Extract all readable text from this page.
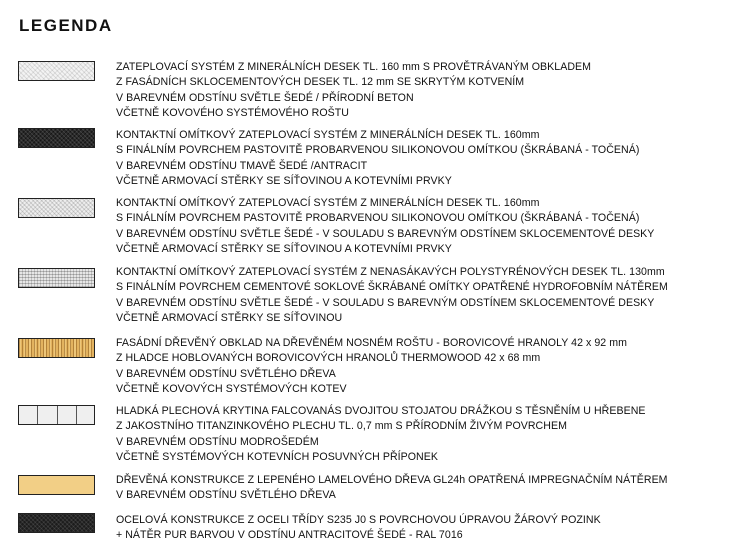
LEGENDA
ZATEPLOVACÍ SYSTÉM Z MINERÁLNÍCH DESEK TL. 160 mm S PROVĚTRÁVANÝM OBKLADEM
Z FASÁDNÍCH SKLOCEMENTOVÝCH DESEK TL. 12 mm SE SKRYTÝM KOTVENÍM
V BAREVNÉM ODSTÍNU SVĚTLE ŠEDÉ / PŘÍRODNÍ BETON
VČETNĚ KOVOVÉHO SYSTÉMOVÉHO ROŠTU
KONTAKTNÍ OMÍTKOVÝ ZATEPLOVACÍ SYSTÉM Z MINERÁLNÍCH DESEK TL. 160mm
S FINÁLNÍM POVRCHEM PASTOVITĚ PROBARVENOU SILIKONOVOU OMÍTKOU (ŠKRÁBANÁ - TOČENÁ)
V BAREVNÉM ODSTÍNU TMAVĚ ŠEDÉ /ANTRACIT
VČETNĚ ARMOVACÍ STĚRKY SE SÍŤOVINOU A KOTEVNÍMI PRVKY
KONTAKTNÍ OMÍTKOVÝ ZATEPLOVACÍ SYSTÉM Z MINERÁLNÍCH DESEK TL. 160mm
S FINÁLNÍM POVRCHEM PASTOVITĚ PROBARVENOU SILIKONOVOU OMÍTKOU (ŠKRÁBANÁ - TOČENÁ)
V BAREVNÉM ODSTÍNU SVĚTLE ŠEDÉ - V SOULADU S BAREVNÝM ODSTÍNEM SKLOCEMENTOVÉ DESKY
VČETNĚ ARMOVACÍ STĚRKY SE SÍŤOVINOU A KOTEVNÍMI PRVKY
KONTAKTNÍ OMÍTKOVÝ ZATEPLOVACÍ SYSTÉM Z NENASÁKAVÝCH POLYSTYRÉNOVÝCH DESEK TL. 130mm
S FINÁLNÍM POVRCHEM CEMENTOVÉ SOKLOVÉ ŠKRÁBANÉ OMÍTKY OPATŘENÉ HYDROFOBNÍM NÁTĚREM
V BAREVNÉM ODSTÍNU SVĚTLE ŠEDÉ - V SOULADU S BAREVNÝM ODSTÍNEM SKLOCEMENTOVÉ DESKY
VČETNĚ ARMOVACÍ STĚRKY SE SÍŤOVINOU
FASÁDNÍ DŘEVĚNÝ OBKLAD NA DŘEVĚNÉM NOSNÉM ROŠTU - BOROVICOVÉ HRANOLY 42 x 92 mm
Z HLADCE HOBLOVANÝCH BOROVICOVÝCH HRANOLŮ THERMOWOOD 42 x 68 mm
V BAREVNÉM ODSTÍNU SVĚTLÉHO DŘEVA
VČETNĚ KOVOVÝCH SYSTÉMOVÝCH KOTEV
HLADKÁ PLECHOVÁ KRYTINA FALCOVANÁS DVOJITOU STOJATOU DRÁŽKOU S TĚSNĚNÍM U HŘEBENE
Z JAKOSTNÍHO TITANZINKOVÉHO PLECHU TL. 0,7 mm S PŘÍRODNÍM ŽIVÝM POVRCHEM
V BAREVNÉM ODSTÍNU MODROŠEDÉM
VČETNĚ SYSTÉMOVÝCH KOTEVNÍCH POSUVNÝCH PŘÍPONEK
DŘEVĚNÁ KONSTRUKCE Z LEPENÉHO LAMELOVÉHO DŘEVA GL24h OPATŘENÁ IMPREGNAČNÍM NÁTĚREM
V BAREVNÉM ODSTÍNU SVĚTLÉHO DŘEVA
OCELOVÁ KONSTRUKCE Z OCELI TŘÍDY S235 J0 S POVRCHOVOU ÚPRAVOU ŽÁROVÝ POZINK
+ NÁTĚR PUR BARVOU V ODSTÍNU ANTRACITOVÉ ŠEDÉ - RAL 7016
